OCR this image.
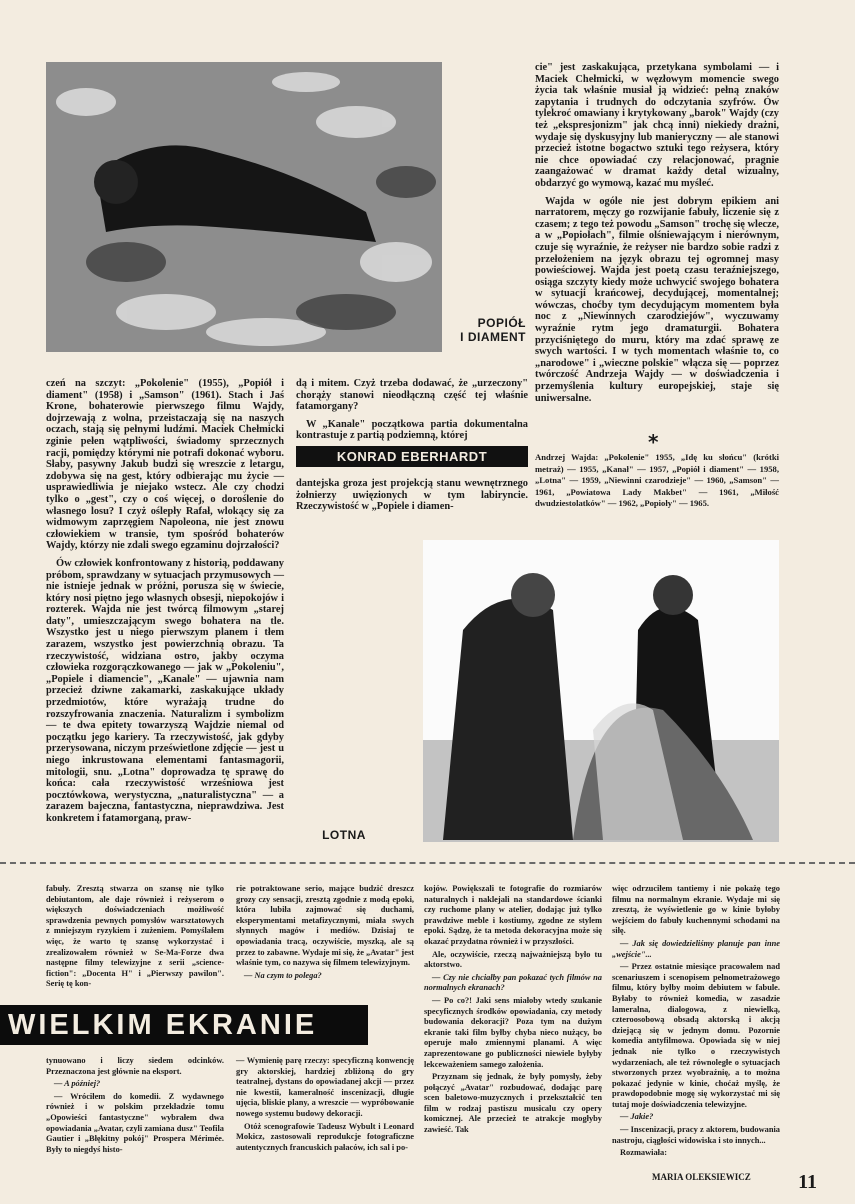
POPIÓŁ
I DIAMENT

cie" jest zaskakująca, przetykana symbolami — i Maciek Chełmicki, w węzłowym momencie swego życia tak właśnie musiał ją widzieć: pełną znaków zapytania i trudnych do odczytania szyfrów. Ów tylekroć omawiany i krytykowany „barok" Wajdy (czy też „ekspresjonizm" jak chcą inni) niekiedy drażni, wydaje się dyskusyjny lub manieryczny — ale stanowi przecież istotne bogactwo sztuki tego reżysera, który nie chce opowiadać czy relacjonować, pragnie zaangażować w dramat każdy detal wizualny, obdarzyć go wymową, kazać mu myśleć.

Wajda w ogóle nie jest dobrym epikiem ani narratorem, męczy go rozwijanie fabuły, liczenie się z czasem; z tego też powodu „Samson" trochę się wlecze, a w „Popiołach", filmie olśniewającym i nierównym, czuje się wyraźnie, że reżyser nie bardzo sobie radzi z przełożeniem na język obrazu tej ogromnej masy powieściowej. Wajda jest poetą czasu teraźniejszego, osiąga szczyty kiedy może uchwycić swojego bohatera w sytuacji krańcowej, decydującej, momentalnej; wówczas, choćby tym decydującym momentem była noc z „Niewinnych czarodziejów", wyczuwamy wyraźnie rytm jego dramaturgii. Bohatera przyciśniętego do muru, który ma zdać sprawę ze swych wartości. I w tych momentach właśnie to, co „narodowe" i „wieczne polskie" włącza się — poprzez twórczość Andrzeja Wajdy — w doświadczenia i przemyślenia kultury europejskiej, staje się uniwersalne.

*
Andrzej Wajda: „Pokolenie" 1955, „Idę ku słońcu" (krótki metraż) — 1955, „Kanał" — 1957, „Popiół i diament" — 1958, „Lotna" — 1959, „Niewinni czarodzieje" — 1960, „Samson" — 1961, „Powiatowa Lady Makbet" — 1961, „Miłość dwudziestolatków" — 1962, „Popioły" — 1965.

czeń na szczyt: „Pokolenie" (1955), „Popiół i diament" (1958) i „Samson" (1961). Stach i Jaś Krone, bohaterowie pierwszego filmu Wajdy, dojrzewają z wolna, przeistaczają się na naszych oczach, stają się pełnymi ludźmi. Maciek Chełmicki zginie pełen wątpliwości, świadomy sprzecznych racji, pomiędzy którymi nie potrafi dokonać wyboru. Słaby, pasywny Jakub budzi się wreszcie z letargu, zdobywa się na gest, który odbierając mu życie — usprawiedliwia je niejako wstecz. Ale czy chodzi tylko o „gest", czy o coś więcej, o doroślenie do własnego losu? I czyż oślepły Rafał, wlokący się za widmowym zaprzęgiem Napoleona, nie jest znowu człowiekiem w transie, tym spośród bohaterów Wajdy, którzy nie zdali swego egzaminu dojrzałości?

Ów człowiek konfrontowany z historią, poddawany próbom, sprawdzany w sytuacjach przymusowych — nie istnieje jednak w próżni, porusza się w świecie, który nosi piętno jego własnych obsesji, niepokojów i rozterek. Wajda nie jest twórcą filmowym „starej daty", umieszczającym swego bohatera na tle. Wszystko jest u niego pierwszym planem i tłem zarazem, wszystko jest powierzchnią obrazu. Ta rzeczywistość, widziana ostro, jakby oczyma człowieka rozgorączkowanego — jak w „Pokoleniu", „Popiele i diamencie", „Kanale" — ujawnia nam przecież dziwne zakamarki, zaskakujące układy przedmiotów, które wyrażają trudne do rozszyfrowania znaczenia. Naturalizm i symbolizm — te dwa epitety towarzyszą Wajdzie niemal od początku jego kariery. Ta rzeczywistość, jak gdyby przerysowana, niczym prześwietlone zdjęcie — jest u niego inkrustowana elementami fantasmagorii, mitologii, snu. „Lotna" doprowadza tę sprawę do końca: cała rzeczywistość wrześniowa jest pocztówkowa, werystyczna, „naturalistyczna" — a zarazem bajeczna, fantastyczna, nieprawdziwa. Jest konkretem i fatamorganą, praw-

dą i mitem. Czyż trzeba dodawać, że „urzeczony" chorąży stanowi nieodłączną część tej właśnie fatamorgany?

W „Kanale" początkowa partia dokumentalna kontrastuje z partią podziemną, której

KONRAD EBERHARDT

dantejska groza jest projekcją stanu wewnętrznego żołnierzy uwięzionych w tym labiryncie. Rzeczywistość w „Popiele i diamen-

LOTNA

fabuły. Zresztą stwarza on szansę nie tylko debiutantom, ale daje również i reżyserom o większych doświadczeniach możliwość sprawdzenia pewnych pomysłów warsztatowych z mniejszym ryzykiem i zużeniem. Pomyślałem więc, że warto tę szansę wykorzystać i zrealizowałem również w Se-Ma-Forze dwa następne filmy telewizyjne z serii „science-fiction": „Docenta H" i „Pierwszy pawilon". Serię tę kon-

WIELKIM EKRANIE

tynuowano i liczy siedem odcinków. Przeznaczona jest głównie na eksport.

— A później?

— Wróciłem do komedii. Z wydawnego również i w polskim przekładzie tomu „Opowieści fantastyczne" wybrałem dwa opowiadania „Avatar, czyli zamiana dusz" Teofila Gautier i „Błękitny pokój" Prospera Mérimée. Były to niegdyś histo-

rie potraktowane serio, mające budzić dreszcz grozy czy sensacji, zresztą zgodnie z modą epoki, która lubiła zajmować się duchami, eksperymentami metafizycznymi, miała swych słynnych magów i mediów. Dzisiaj te opowiadania tracą, oczywiście, myszką, ale są przez to zabawne. Wydaje mi się, że „Avatar" jest właśnie tym, co nazywa się filmem telewizyjnym.

— Na czym to polega?

— Wymienię parę rzeczy: specyficzną konwencję gry aktorskiej, hardziej zbliżoną do gry teatralnej, dystans do opowiadanej akcji — przez nie kwestii, kameralność inscenizacji, długie ujęcia, bliskie plany, a wreszcie — wypróbowanie nowego systemu budowy dekoracji.

Otóż scenografowie Tadeusz Wybult i Leonard Mokicz, zastosowali reprodukcje fotograficzne autentycznych francuskich pałaców, ich sal i po-

kojów. Powiększali te fotografie do rozmiarów naturalnych i naklejali na standardowe ścianki czy ruchome plany w atelier, dodając już tylko prawdziwe meble i kostiumy, zgodne ze stylem epoki. Sądzę, że ta metoda dekoracyjna może się okazać przydatna również i w przyszłości.

Ale, oczywiście, rzeczą najważniejszą było tu aktorstwo.

— Czy nie chciałby pan pokazać tych filmów na normalnych ekranach?

— Po co?! Jaki sens miałoby wtedy szukanie specyficznych środków opowiadania, czy metody budowania dekoracji? Poza tym na dużym ekranie taki film byłby chyba nieco nużący, bo operuje mało zmiennymi planami. A więc zaprezentowane go publiczności niewiele byłyby lekceważeniem samego założenia.

Przyznam się jednak, że były pomysły, żeby połączyć „Avatar" rozbudować, dodając parę scen baletowo-muzycznych i przekształcić ten film w rodzaj pastiszu musicalu czy opery komicznej. Ale przecież te atrakcje mogłyby zawieść. Tak

więc odrzuciłem tantiemy i nie pokażę tego filmu na normalnym ekranie. Wydaje mi się zresztą, że wyświetlenie go w kinie byłoby wejściem do fabuły kuchennymi schodami na siłę.

— Jak się dowiedzieliśmy planuje pan inne „wejście"...

— Przez ostatnie miesiące pracowałem nad scenariuszem i scenopisem pełnometrażowego filmu, który byłby moim debiutem w fabule. Byłaby to również komedia, w zasadzie lameralna, dialogowa, z niewielką, czteroosobową obsadą aktorską i akcją dziejącą się w jednym domu. Pozornie komedia antyfilmowa. Opowiada się w niej jednak nie tylko o rzeczywistych wydarzeniach, ale też równoległe o sytuacjach stworzonych przez wyobraźnię, a to można pokazać jedynie w kinie, choćaż myślę, że prawdopodobnie mogę się wykorzystać mi się tutaj moje doświadczenia telewizyjne.

— Jakie?

— Inscenizacji, pracy z aktorem, budowania nastroju, ciągłości widowiska i sto innych...

Rozmawiała:

MARIA OLEKSIEWICZ 11
